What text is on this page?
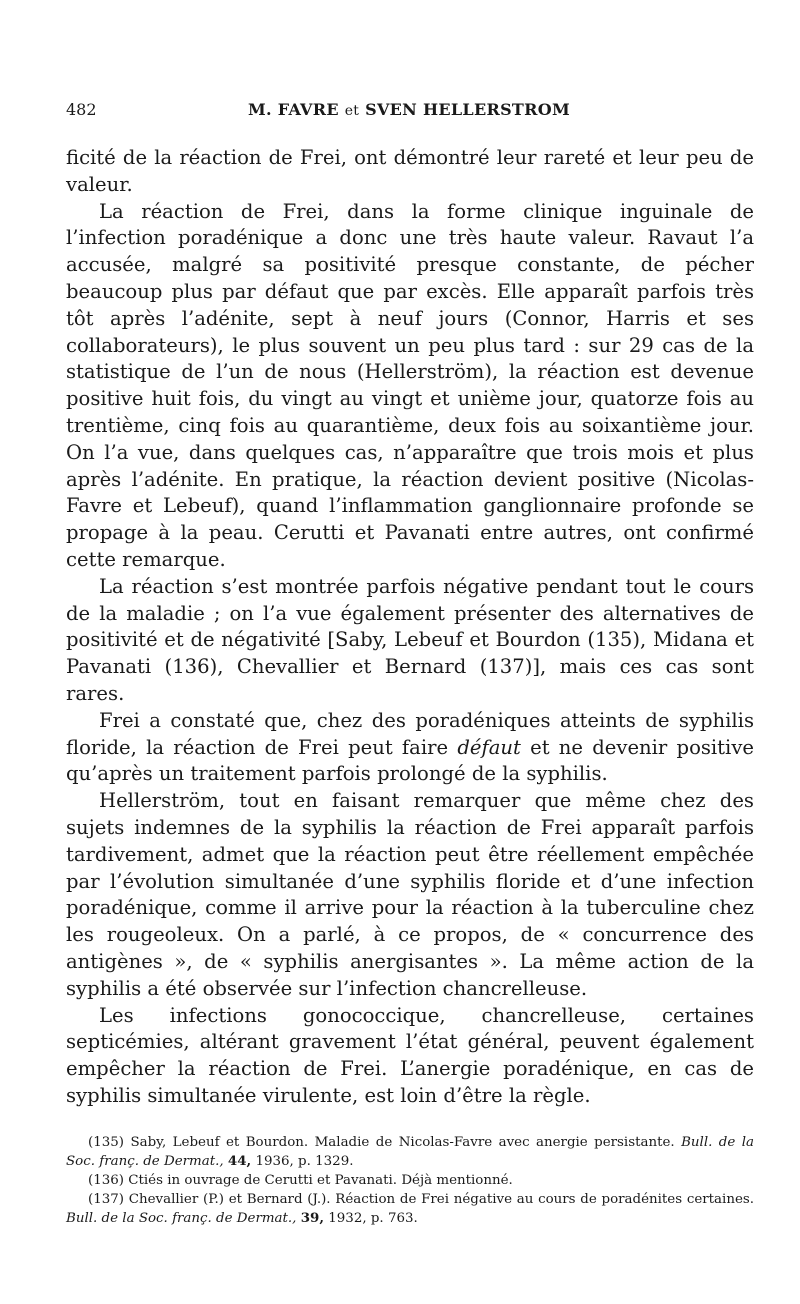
482	M. FAVRE et SVEN HELLERSTROM

ficité de la réaction de Frei, ont démontré leur rareté et leur peu de valeur.

La réaction de Frei, dans la forme clinique inguinale de l’infection poradénique a donc une très haute valeur. Ravaut l’a accusée, malgré sa positivité presque constante, de pécher beaucoup plus par défaut que par excès. Elle apparaît parfois très tôt après l’adénite, sept à neuf jours (Connor, Harris et ses collaborateurs), le plus souvent un peu plus tard : sur 29 cas de la statistique de l’un de nous (Hellerström), la réaction est devenue positive huit fois, du vingt au vingt et unième jour, quatorze fois au trentième, cinq fois au quarantième, deux fois au soixantième jour. On l’a vue, dans quelques cas, n’apparaître que trois mois et plus après l’adénite. En pratique, la réaction devient positive (Nicolas-Favre et Lebeuf), quand l’inflammation ganglionnaire profonde se propage à la peau. Cerutti et Pavanati entre autres, ont confirmé cette remarque.

La réaction s’est montrée parfois négative pendant tout le cours de la maladie ; on l’a vue également présenter des alternatives de positivité et de négativité [Saby, Lebeuf et Bourdon (135), Midana et Pavanati (136), Chevallier et Bernard (137)], mais ces cas sont rares.

Frei a constaté que, chez des poradéniques atteints de syphilis floride, la réaction de Frei peut faire défaut et ne devenir positive qu’après un traitement parfois prolongé de la syphilis.

Hellerström, tout en faisant remarquer que même chez des sujets indemnes de la syphilis la réaction de Frei apparaît parfois tardivement, admet que la réaction peut être réellement empêchée par l’évolution simultanée d’une syphilis floride et d’une infection poradénique, comme il arrive pour la réaction à la tuberculine chez les rougeoleux. On a parlé, à ce propos, de « concurrence des antigènes », de « syphilis anergisantes ». La même action de la syphilis a été observée sur l’infection chancrelleuse.

Les infections gonococcique, chancrelleuse, certaines septicémies, altérant gravement l’état général, peuvent également empêcher la réaction de Frei. L’anergie poradénique, en cas de syphilis simultanée virulente, est loin d’être la règle.

(135) Saby, Lebeuf et Bourdon. Maladie de Nicolas-Favre avec anergie persistante. Bull. de la Soc. franç. de Dermat., 44, 1936, p. 1329.

(136) Ctiés in ouvrage de Cerutti et Pavanati. Déjà mentionné.

(137) Chevallier (P.) et Bernard (J.). Réaction de Frei négative au cours de poradénites certaines. Bull. de la Soc. franç. de Dermat., 39, 1932, p. 763.
